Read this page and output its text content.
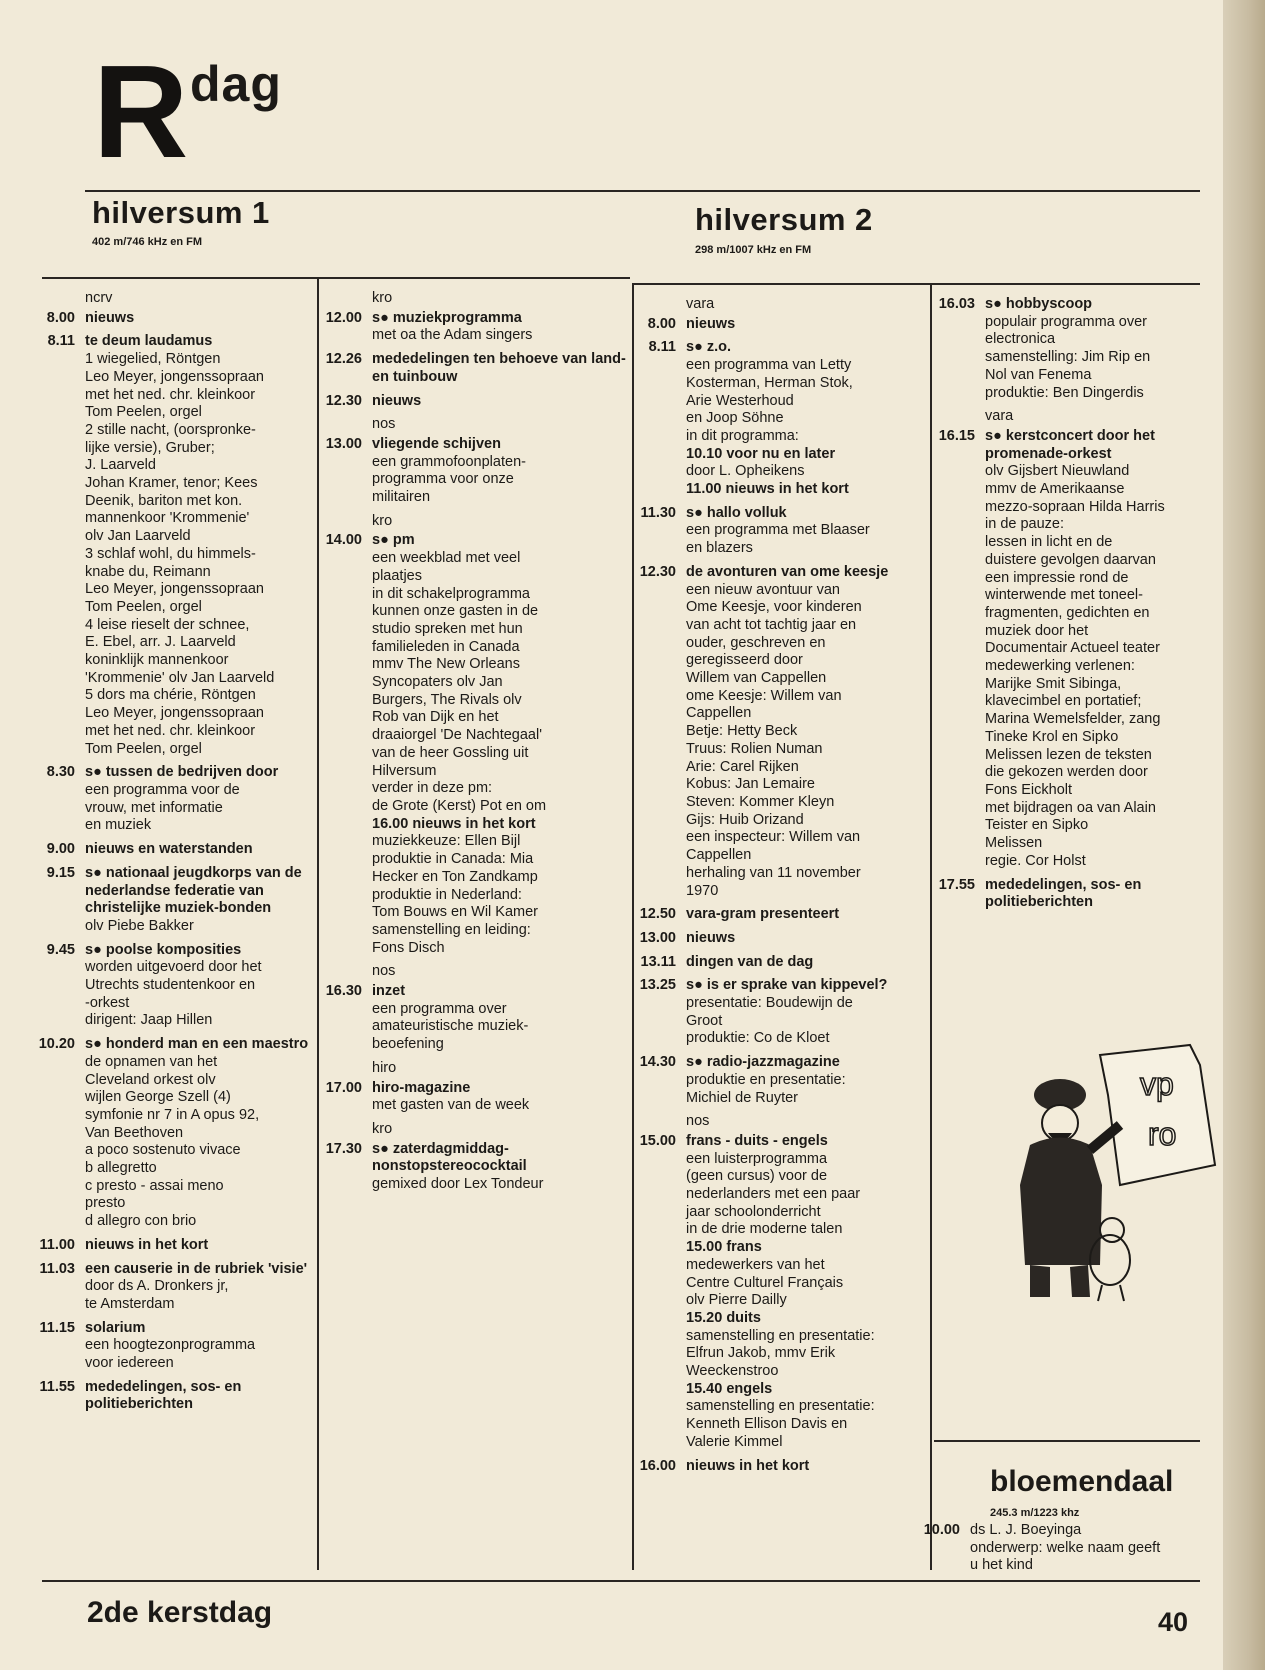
R dag
hilversum 1
402 m/746 kHz en FM
hilversum 2
298 m/1007 kHz en FM
ncrv
8.00 nieuws
8.11 te deum laudamus
1 wiegelied, Röntgen
Leo Meyer, jongenssopraan
met het ned. chr. kleinkoor
Tom Peelen, orgel
2 stille nacht, (oorspronke-
lijke versie), Gruber;
J. Laarveld
Johan Kramer, tenor; Kees
Deenik, bariton met kon.
mannenkoor 'Krommenie'
olv Jan Laarveld
3 schlaf wohl, du himmels-
knabe du, Reimann
Leo Meyer, jongenssopraan
Tom Peelen, orgel
4 leise rieselt der schnee,
E. Ebel, arr. J. Laarveld
koninklijk mannenkoor
'Krommenie' olv Jan Laarveld
5 dors ma chérie, Röntgen
Leo Meyer, jongenssopraan
met het ned. chr. kleinkoor
Tom Peelen, orgel
8.30 s● tussen de bedrijven door
een programma voor de
vrouw, met informatie
en muziek
9.00 nieuws en waterstanden
9.15 s● nationaal jeugdkorps van de nederlandse federatie van christelijke muziek-bonden
olv Piebe Bakker
9.45 s● poolse komposities
worden uitgevoerd door het
Utrechts studentenkoor en
-orkest
dirigent: Jaap Hillen
10.20 s● honderd man en een maestro
de opnamen van het
Cleveland orkest olv
wijlen George Szell (4)
symfonie nr 7 in A opus 92,
Van Beethoven
a poco sostenuto vivace
b allegretto
c presto - assai meno
presto
d allegro con brio
11.00 nieuws in het kort
11.03 een causerie in de rubriek 'visie'
door ds A. Dronkers jr,
te Amsterdam
11.15 solarium
een hoogtezonprogramma
voor iedereen
11.55 mededelingen, sos- en politieberichten
kro
12.00 s● muziekprogramma
met oa the Adam singers
12.26 mededelingen ten behoeve van land- en tuinbouw
12.30 nieuws
nos
13.00 vliegende schijven
een grammofoonplaten-
programma voor onze
militairen
kro
14.00 s● pm
een weekblad met veel
plaatjes
in dit schakelprogramma
kunnen onze gasten in de
studio spreken met hun
familieleden in Canada
mmv The New Orleans
Syncopaters olv Jan
Burgers, The Rivals olv
Rob van Dijk en het
draaiorgel 'De Nachtegaal'
van de heer Gossling uit
Hilversum
verder in deze pm:
de Grote (Kerst) Pot en om
16.00 nieuws in het kort
muziekkeuze: Ellen Bijl
produktie in Canada: Mia
Hecker en Ton Zandkamp
produktie in Nederland:
Tom Bouws en Wil Kamer
samenstelling en leiding:
Fons Disch
nos
16.30 inzet
een programma over
amateuristische muziek-
beoefening
hiro
17.00 hiro-magazine
met gasten van de week
kro
17.30 s● zaterdagmiddag-nonstopstereococktail
gemixed door Lex Tondeur
vara
8.00 nieuws
8.11 s● z.o.
een programma van Letty
Kosterman, Herman Stok,
Arie Westerhoud
en Joop Söhne
in dit programma:
10.10 voor nu en later
door L. Opheikens
11.00 nieuws in het kort
11.30 s● hallo volluk
een programma met Blaaser
en blazers
12.30 de avonturen van ome keesje
een nieuw avontuur van
Ome Keesje, voor kinderen
van acht tot tachtig jaar en
ouder, geschreven en
geregisseerd door
Willem van Cappellen
ome Keesje: Willem van
Cappellen
Betje: Hetty Beck
Truus: Rolien Numan
Arie: Carel Rijken
Kobus: Jan Lemaire
Steven: Kommer Kleyn
Gijs: Huib Orizand
een inspecteur: Willem van
Cappellen
herhaling van 11 november
1970
12.50 vara-gram presenteert
13.00 nieuws
13.11 dingen van de dag
13.25 s● is er sprake van kippevel?
presentatie: Boudewijn de
Groot
produktie: Co de Kloet
14.30 s● radio-jazzmagazine
produktie en presentatie:
Michiel de Ruyter
nos
15.00 frans - duits - engels
een luisterprogramma
(geen cursus) voor de
nederlanders met een paar
jaar schoolonderricht
in de drie moderne talen
15.00 frans
medewerkers van het
Centre Culturel Français
olv Pierre Dailly
15.20 duits
samenstelling en presentatie:
Elfrun Jakob, mmv Erik
Weeckenstroo
15.40 engels
samenstelling en presentatie:
Kenneth Ellison Davis en
Valerie Kimmel
16.00 nieuws in het kort
16.03 s● hobbyscoop
populair programma over
electronica
samenstelling: Jim Rip en
Nol van Fenema
produktie: Ben Dingerdis
vara
16.15 s● kerstconcert door het promenade-orkest
olv Gijsbert Nieuwland
mmv de Amerikaanse
mezzo-sopraan Hilda Harris
in de pauze:
lessen in licht en de
duistere gevolgen daarvan
een impressie rond de
winterwende met toneel-
fragmenten, gedichten en
muziek door het
Documentair Actueel teater
medewerking verlenen:
Marijke Smit Sibinga,
klavecimbel en portatief;
Marina Wemelsfelder, zang
Tineke Krol en Sipko
Melissen lezen de teksten
die gekozen werden door
Fons Eickholt
met bijdragen oa van Alain
Teister en Sipko
Melissen
regie. Cor Holst
17.55 mededelingen, sos- en politieberichten
vp
ro
bloemendaal
245.3 m/1223 khz
10.00 ds L. J. Boeyinga
onderwerp: welke naam geeft
u het kind
2de kerstdag	40
